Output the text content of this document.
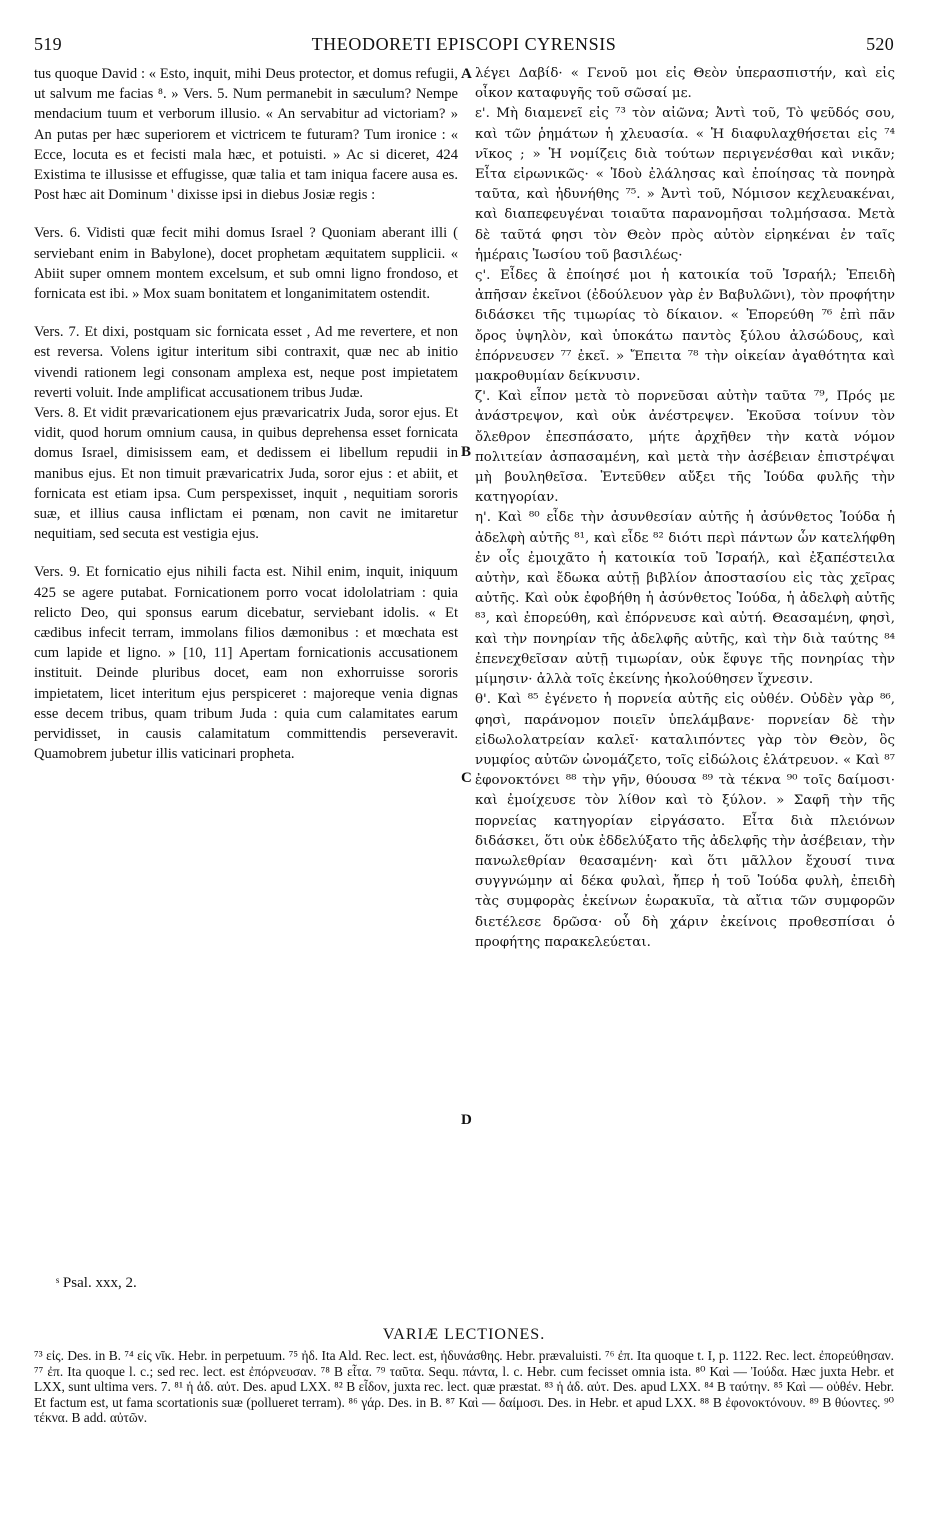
519	THEODORETI EPISCOPI CYRENSIS	520

tus quoque David : « Esto, inquit, mihi Deus protector, et domus refugii, ut salvum me facias ⁸. » Vers. 5. Num permanebit in sæculum? Nempe mendacium tuum et verborum illusio. « An servabitur ad victoriam? » An putas per hæc superiorem et victricem te futuram? Tum ironice : « Ecce, locuta es et fecisti mala hæc, et potuisti. » Ac si diceret, 424 Existima te illusisse et effugisse, quæ talia et tam iniqua facere ausa es. Post hæc ait Dominum ' dixisse ipsi in diebus Josiæ regis :

Vers. 6. Vidisti quæ fecit mihi domus Israel ? Quoniam aberant illi ( serviebant enim in Babylone), docet prophetam æquitatem supplicii. « Abiit super omnem montem excelsum, et sub omni ligno frondoso, et fornicata est ibi. » Mox suam bonitatem et longanimitatem ostendit.

Vers. 7. Et dixi, postquam sic fornicata esset , Ad me revertere, et non est reversa. Volens igitur interitum sibi contraxit, quæ nec ab initio vivendi rationem legi consonam amplexa est, neque post impietatem reverti voluit. Inde amplificat accusationem tribus Judæ.

Vers. 8. Et vidit prævaricationem ejus prævaricatrix Juda, soror ejus. Et vidit, quod horum omnium causa, in quibus deprehensa esset fornicata domus Israel, dimisissem eam, et dedissem ei libellum repudii in manibus ejus. Et non timuit prævaricatrix Juda, soror ejus : et abiit, et fornicata est etiam ipsa. Cum perspexisset, inquit , nequitiam sororis suæ, et illius causa inflictam ei pœnam, non cavit ne imitaretur nequitiam, sed secuta est vestigia ejus.

Vers. 9. Et fornicatio ejus nihili facta est. Nihil enim, inquit, iniquum 425 se agere putabat. Fornicationem porro vocat idololatriam : quia relicto Deo, qui sponsus earum dicebatur, serviebant idolis. « Et cædibus infecit terram, immolans filios dæmonibus : et mœchata est cum lapide et ligno. » [10, 11] Apertam fornicationis accusationem instituit. Deinde pluribus docet, eam non exhorruisse sororis impietatem, licet interitum ejus perspiceret : majoreque venia dignas esse decem tribus, quam tribum Juda : quia cum calamitates earum pervidisset, in causis calamitatum committendis perseveravit. Quamobrem jubetur illis vaticinari propheta.

A
B
C
D

λέγει Δαβίδ· « Γενοῦ μοι εἰς Θεὸν ὑπερασπιστήν, καὶ εἰς οἶκον καταφυγῆς τοῦ σῶσαί με.

ε'. Μὴ διαμενεῖ εἰς ⁷³ τὸν αἰῶνα; Ἀντὶ τοῦ, Τὸ ψεῦδός σου, καὶ τῶν ῥημάτων ἡ χλευασία. « Ἡ διαφυλαχθήσεται εἰς ⁷⁴ νῖκος ; » Ἡ νομίζεις διὰ τούτων περιγενέσθαι καὶ νικᾶν; Εἶτα εἰρωνικῶς· « Ἰδοὺ ἐλάλησας καὶ ἐποίησας τὰ πονηρὰ ταῦτα, καὶ ἠδυνήθης ⁷⁵. » Ἀντὶ τοῦ, Νόμισον κεχλευακέναι, καὶ διαπεφευγέναι τοιαῦτα παρανομῆσαι τολμήσασα. Μετὰ δὲ ταῦτά φησι τὸν Θεὸν πρὸς αὐτὸν εἰρηκέναι ἐν ταῖς ἡμέραις Ἰωσίου τοῦ βασιλέως·

ς'. Εἶδες ἃ ἐποίησέ μοι ἡ κατοικία τοῦ Ἰσραήλ; Ἐπειδὴ ἀπῆσαν ἐκεῖνοι (ἐδούλευον γὰρ ἐν Βαβυλῶνι), τὸν προφήτην διδάσκει τῆς τιμωρίας τὸ δίκαιον. « Ἐπορεύθη ⁷⁶ ἐπὶ πᾶν ὄρος ὑψηλὸν, καὶ ὑποκάτω παντὸς ξύλου ἀλσώδους, καὶ ἐπόρνευσεν ⁷⁷ ἐκεῖ. » Ἔπειτα ⁷⁸ τὴν οἰκείαν ἀγαθότητα καὶ μακροθυμίαν δείκνυσιν.

ζ'. Καὶ εἶπον μετὰ τὸ πορνεῦσαι αὐτὴν ταῦτα ⁷⁹, Πρός με ἀνάστρεψον, καὶ οὐκ ἀνέστρεψεν. Ἐκοῦσα τοίνυν τὸν ὄλεθρον ἐπεσπάσατο, μήτε ἀρχῆθεν τὴν κατὰ νόμον πολιτείαν ἀσπασαμένη, καὶ μετὰ τὴν ἀσέβειαν ἐπιστρέψαι μὴ βουληθεῖσα. Ἐντεῦθεν αὔξει τῆς Ἰούδα φυλῆς τὴν κατηγορίαν.

η'. Καὶ ⁸⁰ εἶδε τὴν ἀσυνθεσίαν αὐτῆς ἡ ἀσύνθετος Ἰούδα ἡ ἀδελφὴ αὐτῆς ⁸¹, καὶ εἶδε ⁸² διότι περὶ πάντων ὧν κατελήφθη ἐν οἷς ἐμοιχᾶτο ἡ κατοικία τοῦ Ἰσραήλ, καὶ ἐξαπέστειλα αὐτὴν, καὶ ἔδωκα αὐτῇ βιβλίον ἀποστασίου εἰς τὰς χεῖρας αὐτῆς. Καὶ οὐκ ἐφοβήθη ἡ ἀσύνθετος Ἰούδα, ἡ ἀδελφὴ αὐτῆς ⁸³, καὶ ἐπορεύθη, καὶ ἐπόρνευσε καὶ αὐτή. Θεασαμένη, φησὶ, καὶ τὴν πονηρίαν τῆς ἀδελφῆς αὐτῆς, καὶ τὴν διὰ ταύτης ⁸⁴ ἐπενεχθεῖσαν αὐτῇ τιμωρίαν, οὐκ ἔφυγε τῆς πονηρίας τὴν μίμησιν· ἀλλὰ τοῖς ἐκείνης ἠκολούθησεν ἴχνεσιν.

θ'. Καὶ ⁸⁵ ἐγένετο ἡ πορνεία αὐτῆς εἰς οὐθέν. Οὐδὲν γὰρ ⁸⁶, φησὶ, παράνομον ποιεῖν ὑπελάμβανε· πορνείαν δὲ τὴν εἰδωλολατρείαν καλεῖ· καταλιπόντες γὰρ τὸν Θεὸν, ὃς νυμφίος αὐτῶν ὠνομάζετο, τοῖς εἰδώλοις ἐλάτρευον. « Καὶ ⁸⁷ ἐφονοκτόνει ⁸⁸ τὴν γῆν, θύουσα ⁸⁹ τὰ τέκνα ⁹⁰ τοῖς δαίμοσι· καὶ ἐμοίχευσε τὸν λίθον καὶ τὸ ξύλον. » Σαφῆ τὴν τῆς πορνείας κατηγορίαν εἰργάσατο. Εἶτα διὰ πλειόνων διδάσκει, ὅτι οὐκ ἐδδελύξατο τῆς ἀδελφῆς τὴν ἀσέβειαν, τὴν πανωλεθρίαν θεασαμένη· καὶ ὅτι μᾶλλον ἔχουσί τινα συγγνώμην αἱ δέκα φυλαὶ, ἤπερ ἡ τοῦ Ἰούδα φυλὴ, ἐπειδὴ τὰς συμφορὰς ἐκείνων ἑωρακυῖα, τὰ αἴτια τῶν συμφορῶν διετέλεσε δρῶσα· οὗ δὴ χάριν ἐκείνοις προθεσπίσαι ὁ προφήτης παρακελεύεται.

ˢ Psal. xxx, 2.
VARIÆ LECTIONES.
⁷³ εἰς. Des. in B. ⁷⁴ εἰς νῖκ. Hebr. in perpetuum. ⁷⁵ ἠδ. Ita Ald. Rec. lect. est, ἠδυνάσθης. Hebr. prævaluisti. ⁷⁶ ἐπ. Ita quoque t. I, p. 1122. Rec. lect. ἐπορεύθησαν. ⁷⁷ ἐπ. Ita quoque l. c.; sed rec. lect. est ἐπόρνευσαν. ⁷⁸ B εἶτα. ⁷⁹ ταῦτα. Sequ. πάντα, l. c. Hebr. cum fecisset omnia ista. ⁸⁰ Καὶ — Ἰούδα. Hæc juxta Hebr. et LXX, sunt ultima vers. 7. ⁸¹ ἡ ἀδ. αὐτ. Des. apud LXX. ⁸² B εἶδον, juxta rec. lect. quæ præstat. ⁸³ ἡ ἀδ. αὐτ. Des. apud LXX. ⁸⁴ B ταύτην. ⁸⁵ Καὶ — οὐθέν. Hebr. Et factum est, ut fama scortationis suæ (pollueret terram). ⁸⁶ γάρ. Des. in B. ⁸⁷ Καὶ — δαίμοσι. Des. in Hebr. et apud LXX. ⁸⁸ B ἐφονοκτόνουν. ⁸⁹ B θύοντες. ⁹⁰ τέκνα. B add. αὐτῶν.
